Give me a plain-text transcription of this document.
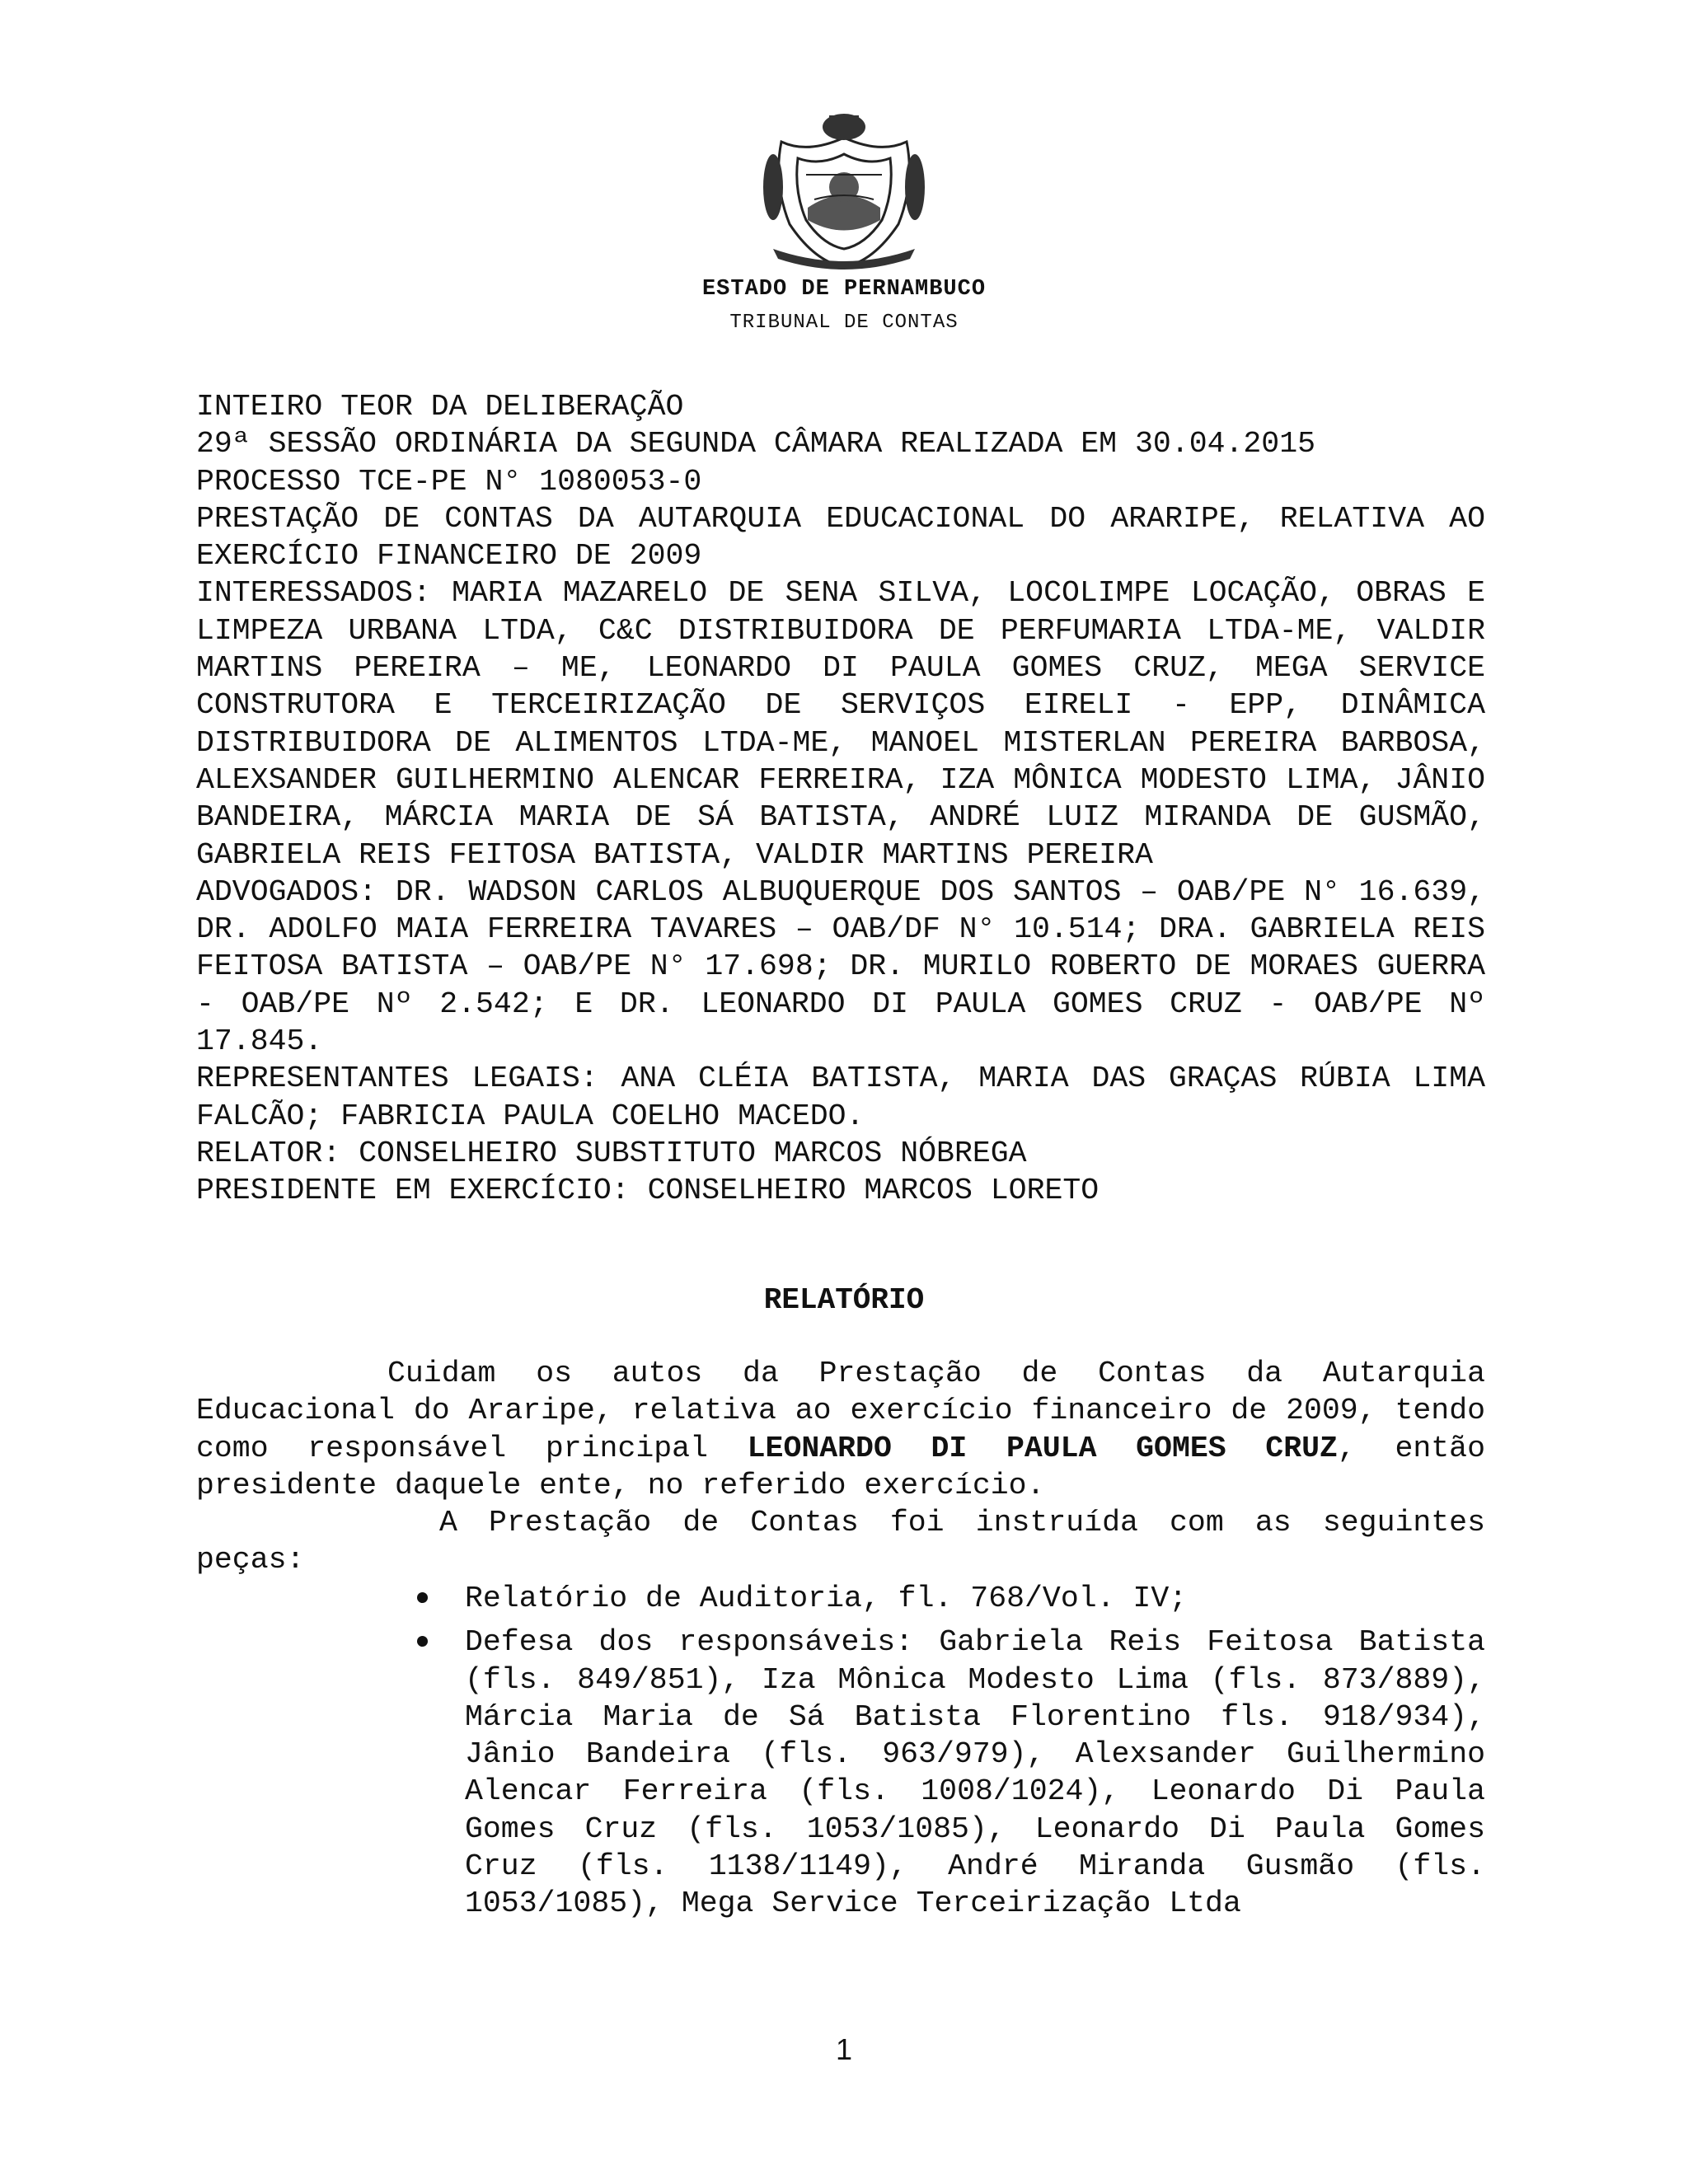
ESTADO DE PERNAMBUCO
TRIBUNAL DE CONTAS

INTEIRO TEOR DA DELIBERAÇÃO

29ª SESSÃO ORDINÁRIA DA SEGUNDA CÂMARA REALIZADA EM 30.04.2015

PROCESSO TCE-PE N° 1080053-0

PRESTAÇÃO DE CONTAS DA AUTARQUIA EDUCACIONAL DO ARARIPE, RELATIVA AO EXERCÍCIO FINANCEIRO DE 2009

INTERESSADOS: MARIA MAZARELO DE SENA SILVA, LOCOLIMPE LOCAÇÃO, OBRAS E LIMPEZA URBANA LTDA, C&C DISTRIBUIDORA DE PERFUMARIA LTDA-ME, VALDIR MARTINS PEREIRA – ME, LEONARDO DI PAULA GOMES CRUZ, MEGA SERVICE CONSTRUTORA E TERCEIRIZAÇÃO DE SERVIÇOS EIRELI - EPP, DINÂMICA DISTRIBUIDORA DE ALIMENTOS LTDA-ME, MANOEL MISTERLAN PEREIRA BARBOSA, ALEXSANDER GUILHERMINO ALENCAR FERREIRA, IZA MÔNICA MODESTO LIMA, JÂNIO BANDEIRA, MÁRCIA MARIA DE SÁ BATISTA, ANDRÉ LUIZ MIRANDA DE GUSMÃO, GABRIELA REIS FEITOSA BATISTA, VALDIR MARTINS PEREIRA

ADVOGADOS: DR. WADSON CARLOS ALBUQUERQUE DOS SANTOS – OAB/PE N° 16.639, DR. ADOLFO MAIA FERREIRA TAVARES – OAB/DF N° 10.514; DRA. GABRIELA REIS FEITOSA BATISTA – OAB/PE N° 17.698; DR. MURILO ROBERTO DE MORAES GUERRA - OAB/PE Nº 2.542; E DR. LEONARDO DI PAULA GOMES CRUZ - OAB/PE Nº 17.845.

REPRESENTANTES LEGAIS: ANA CLÉIA BATISTA, MARIA DAS GRAÇAS RÚBIA LIMA FALCÃO; FABRICIA PAULA COELHO MACEDO.

RELATOR: CONSELHEIRO SUBSTITUTO MARCOS NÓBREGA

PRESIDENTE EM EXERCÍCIO: CONSELHEIRO MARCOS LORETO

RELATÓRIO

Cuidam os autos da Prestação de Contas da Autarquia Educacional do Araripe, relativa ao exercício financeiro de 2009, tendo como responsável principal LEONARDO DI PAULA GOMES CRUZ, então presidente daquele ente, no referido exercício.

A Prestação de Contas foi instruída com as seguintes peças:

Relatório de Auditoria, fl. 768/Vol. IV;
Defesa dos responsáveis: Gabriela Reis Feitosa Batista (fls. 849/851), Iza Mônica Modesto Lima (fls. 873/889), Márcia Maria de Sá Batista Florentino fls. 918/934), Jânio Bandeira (fls. 963/979), Alexsander Guilhermino Alencar Ferreira (fls. 1008/1024), Leonardo Di Paula Gomes Cruz (fls. 1053/1085), Leonardo Di Paula Gomes Cruz (fls. 1138/1149), André Miranda Gusmão (fls. 1053/1085), Mega Service Terceirização Ltda
1
